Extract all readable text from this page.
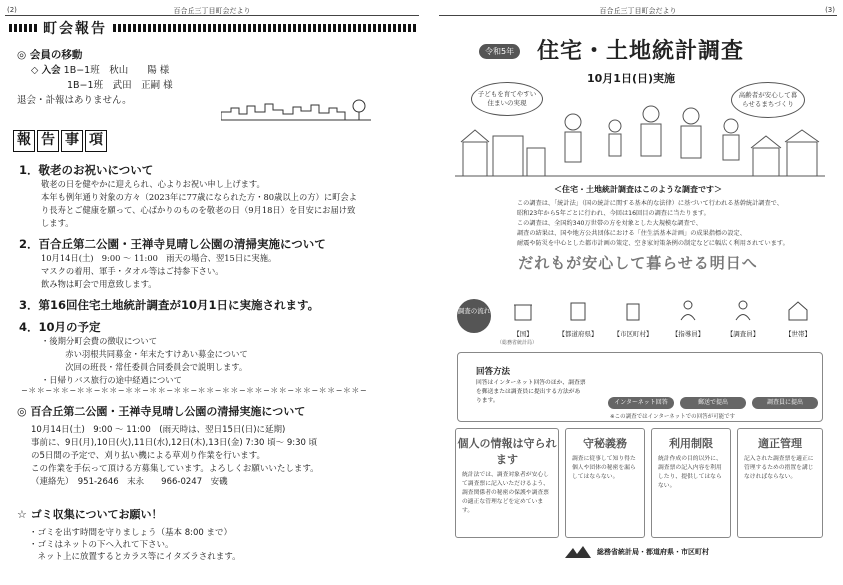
(2)	百合丘三丁目町会だより
町会報告
◎ 会員の移動
◇ 入会 1B−1班　秋山　　陽 様
1B−1班　武田　正嗣 様
退会・訃報はありません。
報 告 事 項
1．敬老のお祝いについて
敬老の日を健やかに迎えられ、心よりお祝い申し上げます。
本年も例年通り対象の方々（2023年に77歳になられた方・80歳以上の方）に町会よ
り長寿とご健康を願って、心ばかりのものを敬老の日（9月18日）を目安にお届け致
します。
2．百合丘第二公園・王禅寺見晴し公園の清掃実施について
10月14日(土)　9:00 〜 11:00　雨天の場合、翌15日に実施。
マスクの着用、軍手・タオル等はご持参下さい。
飲み物は町会で用意致します。
3．第16回住宅土地統計調査が10月1日に実施されます。
4．10月の予定
・後期分町会費の徴収について
　赤い羽根共同募金・年末たすけあい募金について
　次回の班長・常任委員合同委員会で説明します。
・日帰りバス旅行の途中経過について
−＊＊−＊＊−＊＊−＊＊−＊＊−＊＊−＊＊−＊＊−＊＊−＊＊−＊＊−＊＊−＊＊−＊＊−
◎ 百合丘第二公園・王禅寺見晴し公園の清掃実施について
10月14日(土)　9:00 〜 11:00　(雨天時は、翌日15日(日)に延期)
事前に、9日(月),10日(火),11日(水),12日(木),13日(金) 7:30 頃〜 9:30 頃
の5日間の予定で、刈り払い機による草刈り作業を行います。
この作業を手伝って頂ける方募集しています。よろしくお願いいたします。
（連絡先）　951-2646　末永　　966-0247　安磯
☆ ゴミ収集についてお願い！
・ゴミを出す時間を守りましょう（基本 8:00 まで）
・ゴミはネットの下へ入れて下さい。
　ネット上に放置するとカラス等にイタズラされます。
百合丘三丁目町会だより	(3)
令和5年 住宅・土地統計調査
10月1日(日)実施
子どもを育てやすい住まいの実現
高齢者が安心して暮らせるまちづくり
＜住宅・土地統計調査はこのような調査です＞
この調査は、「統計法」（国の統計に関する基本的な法律）に基づいて行われる基幹統計調査で、
昭和23年から5年ごとに行われ、今回は16回目の調査に当たります。
この調査は、全国約340万世帯の方を対象とした大規模な調査で、
調査の結果は、国や地方公共団体における「住生活基本計画」の成果指標の設定、
耐震や防災を中心とした都市計画の策定、空き家対策条例の制定などに幅広く利用されています。
だれもが安心して暮らせる明日へ
調査の流れ
【国】	【都道府県】 【市区町村】	【指導員】	【調査員】	【世帯】
（総務省統計局）
回答方法
回答はインターネット回答のほか、調査票を郵送または調査員に提出する方法があります。	インターネット回答	郵送で提出	調査員に提出
※この調査ではインターネットでの回答が可能です
個人の情報は守られます
統計法では、調査対象者が安心して調査票に記入いただけるよう、調査関係者の秘密の保護や調査票の適正な管理などを定めています。
守秘義務
調査に従事して知り得た個人や団体の秘密を漏らしてはならない。
利用制限
統計作成の目的以外に、調査票の記入内容を利用したり、提供してはならない。
適正管理
記入された調査票を適正に管理するための措置を講じなければならない。
総務省統計局・都道府県・市区町村
